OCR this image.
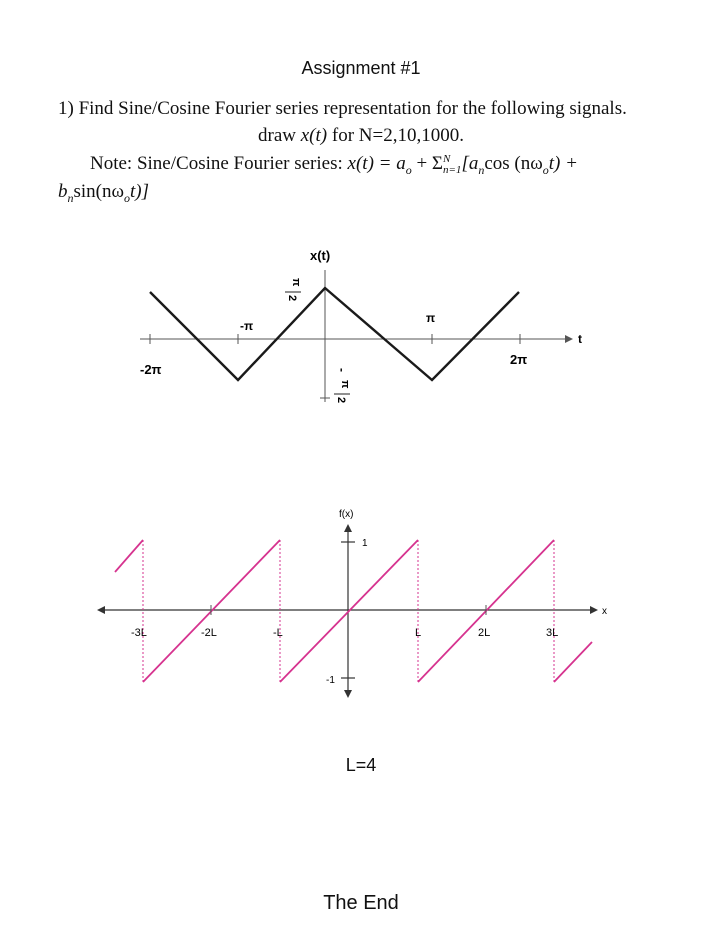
Assignment #1
1) Find Sine/Cosine Fourier series representation for the following signals.
draw x(t) for N=2,10,1000.
Note: Sine/Cosine Fourier series: $x(t) = a_o + \Sigma$ N
n=1 [$a_n\cos$ $(n\omega_ot)$ +
$b_n\sin(n\omega_ot)$]
x(t)
t
-2π
-π
π
2π
π
2
-
π
2
f(x)
x
1
-1
-3L	-2L	-L	L	2L	3L
L=4
The End
